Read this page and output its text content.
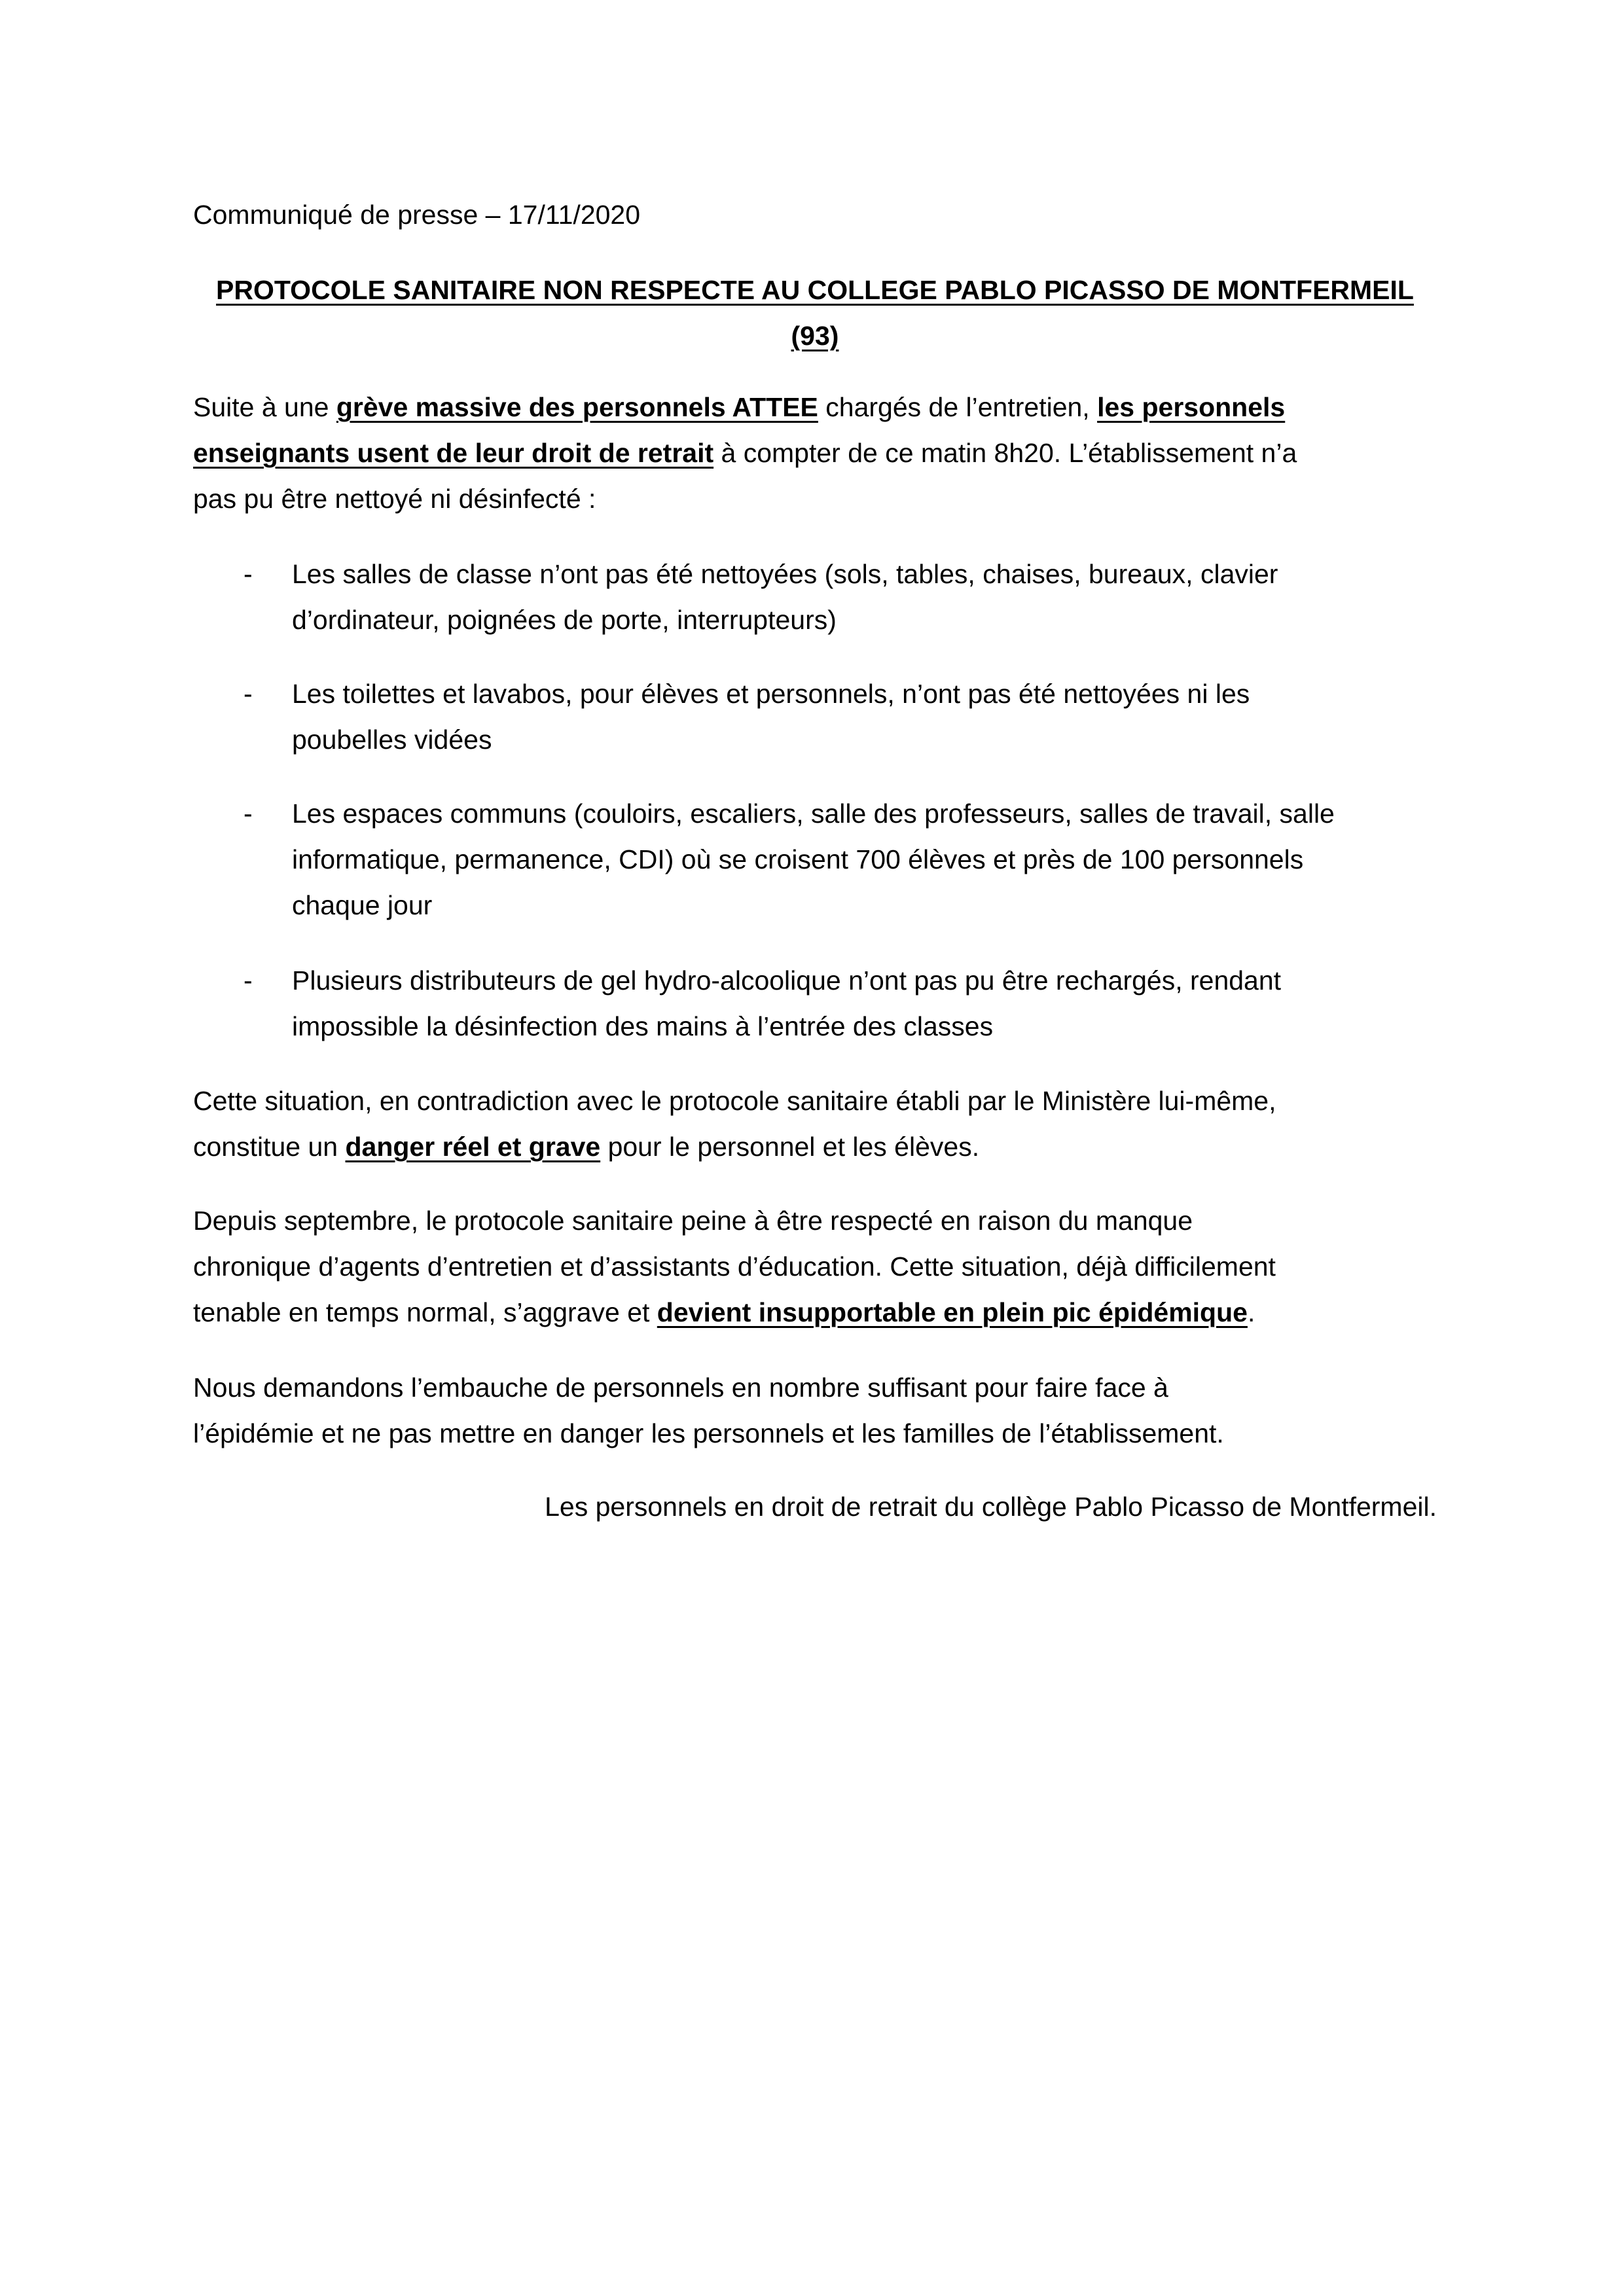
Communiqué de presse – 17/11/2020
PROTOCOLE SANITAIRE NON RESPECTE AU COLLEGE PABLO PICASSO DE MONTFERMEIL
(93)
Suite à une grève massive des personnels ATTEE chargés de l’entretien, les personnels
enseignants usent de leur droit de retrait à compter de ce matin 8h20. L’établissement n’a
pas pu être nettoyé ni désinfecté :
- Les salles de classe n’ont pas été nettoyées (sols, tables, chaises, bureaux, clavier
d’ordinateur, poignées de porte, interrupteurs)
- Les toilettes et lavabos, pour élèves et personnels, n’ont pas été nettoyées ni les
poubelles vidées
- Les espaces communs (couloirs, escaliers, salle des professeurs, salles de travail, salle
informatique, permanence, CDI) où se croisent 700 élèves et près de 100 personnels
chaque jour
- Plusieurs distributeurs de gel hydro-alcoolique n’ont pas pu être rechargés, rendant
impossible la désinfection des mains à l’entrée des classes
Cette situation, en contradiction avec le protocole sanitaire établi par le Ministère lui-même,
constitue un danger réel et grave pour le personnel et les élèves.
Depuis septembre, le protocole sanitaire peine à être respecté en raison du manque
chronique d’agents d’entretien et d’assistants d’éducation. Cette situation, déjà difficilement
tenable en temps normal, s’aggrave et devient insupportable en plein pic épidémique.
Nous demandons l’embauche de personnels en nombre suffisant pour faire face à
l’épidémie et ne pas mettre en danger les personnels et les familles de l’établissement.
Les personnels en droit de retrait du collège Pablo Picasso de Montfermeil.
